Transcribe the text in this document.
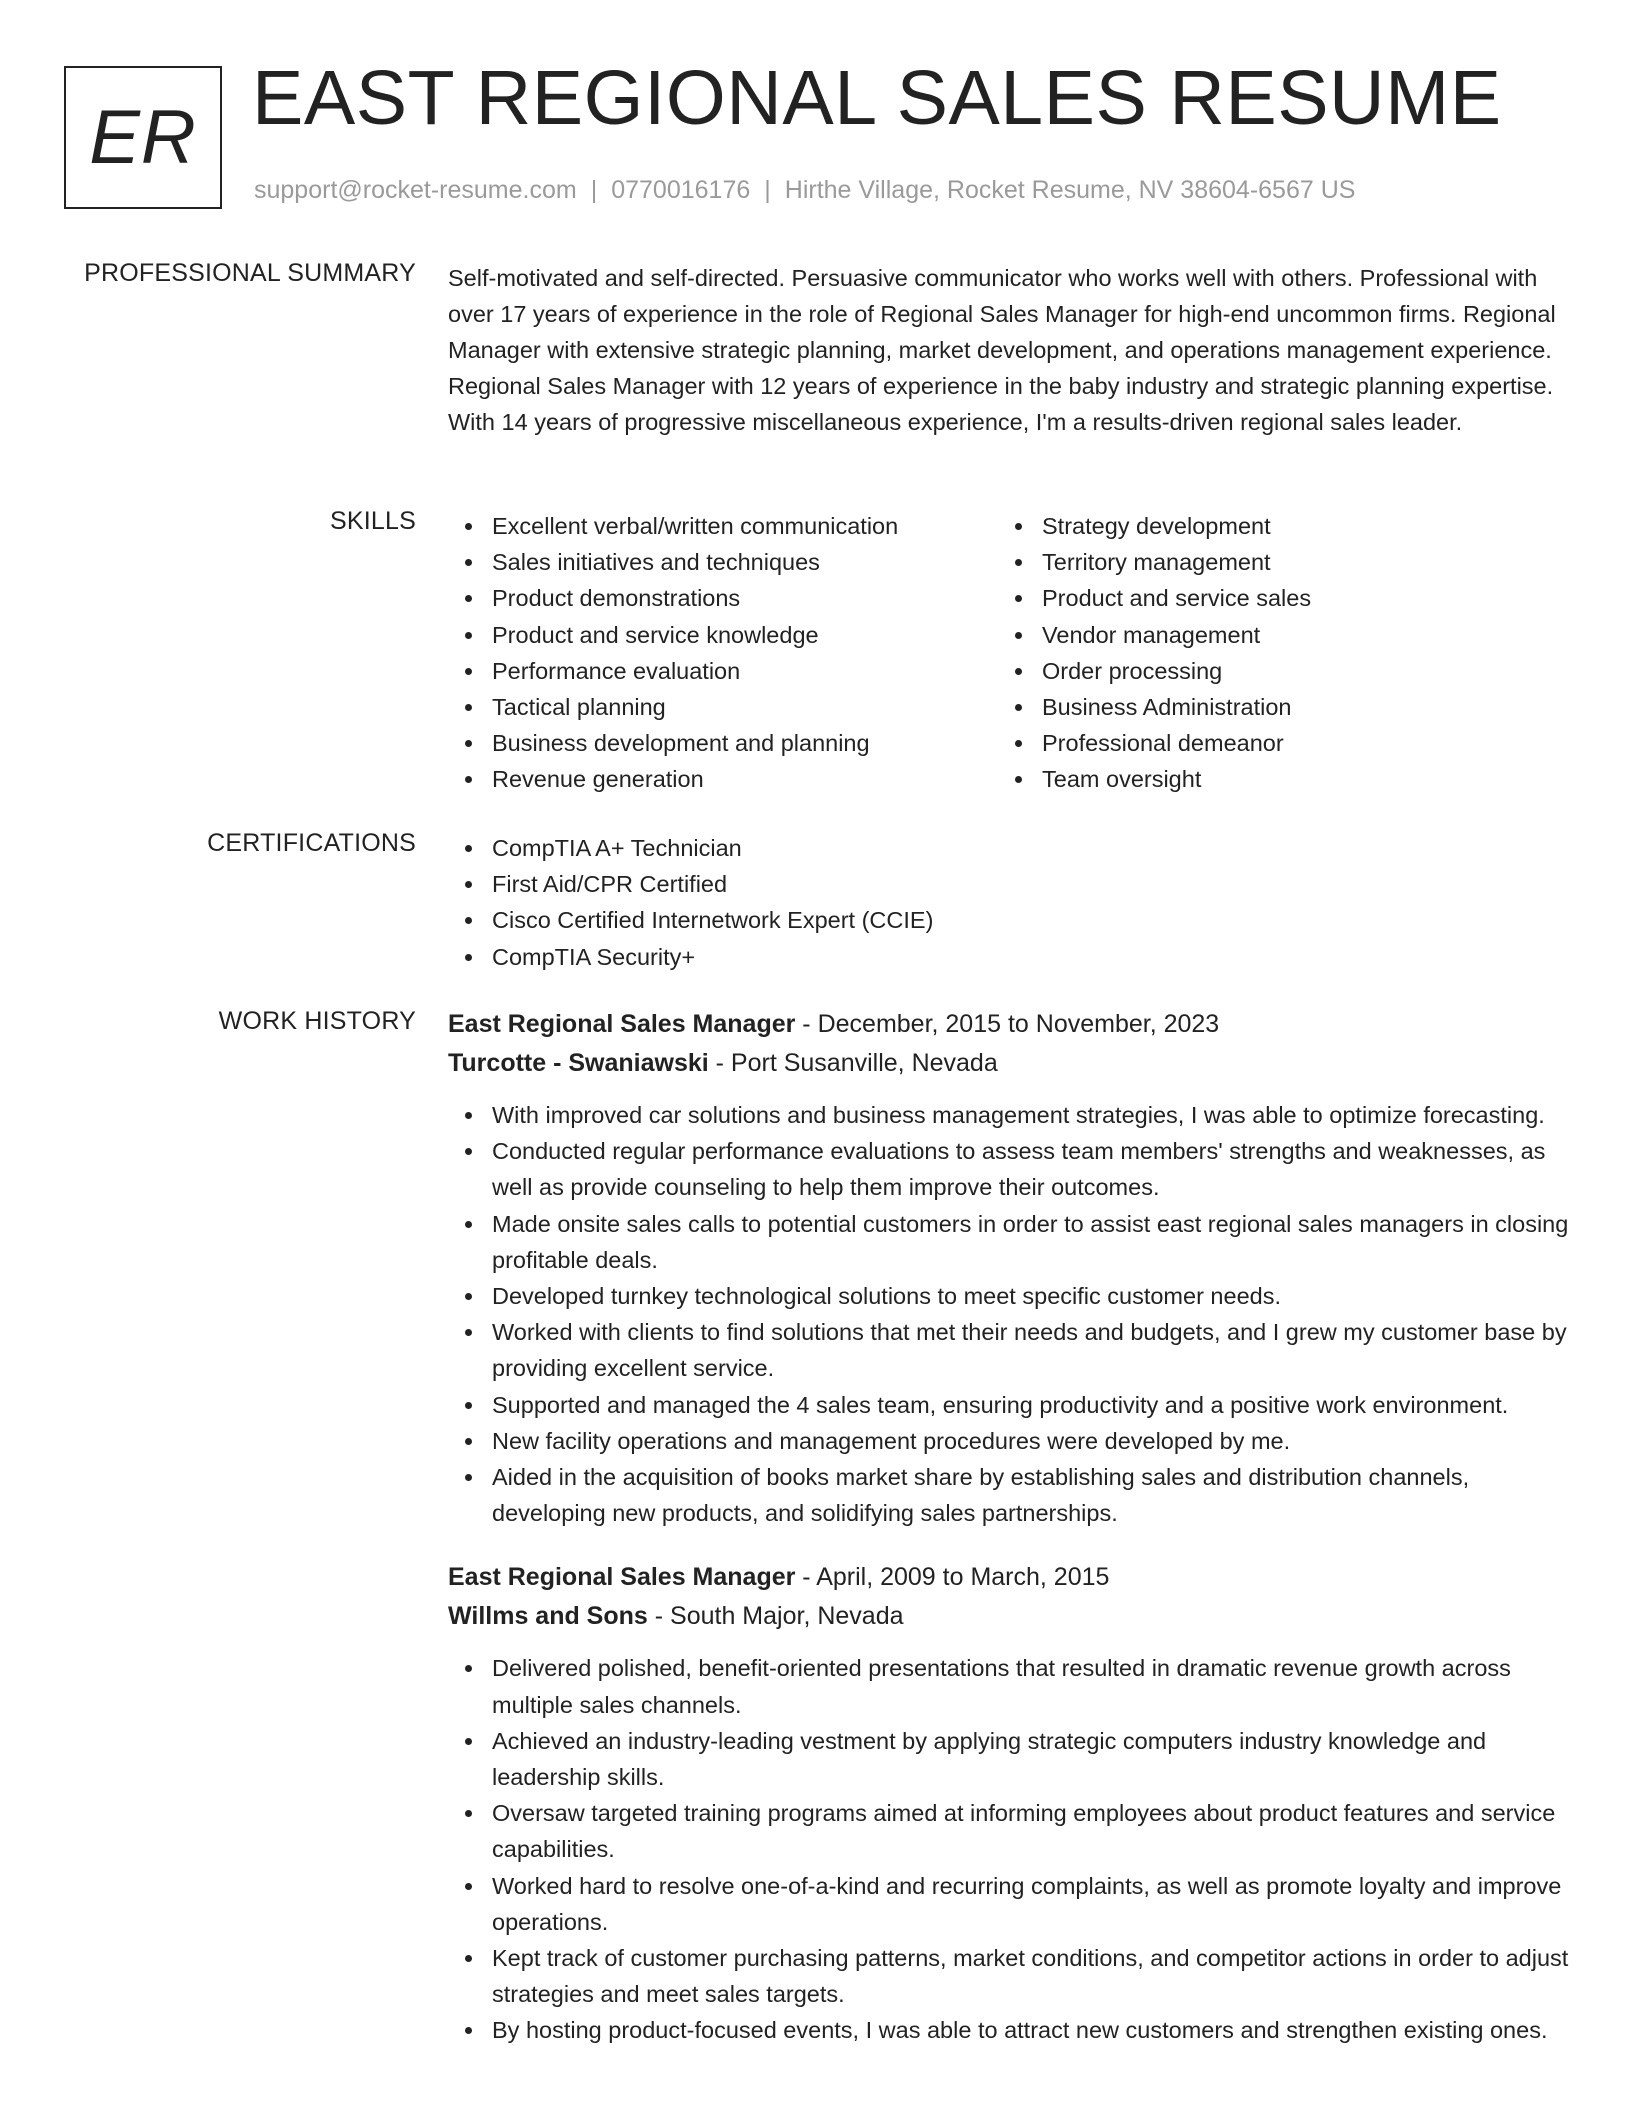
ER EAST REGIONAL SALES RESUME
support@rocket-resume.com | 0770016176 | Hirthe Village, Rocket Resume, NV 38604-6567 US
PROFESSIONAL SUMMARY Self-motivated and self-directed. Persuasive communicator who works well with others. Professional with over 17 years of experience in the role of Regional Sales Manager for high-end uncommon firms. Regional Manager with extensive strategic planning, market development, and operations management experience. Regional Sales Manager with 12 years of experience in the baby industry and strategic planning expertise. With 14 years of progressive miscellaneous experience, I'm a results-driven regional sales leader.
SKILLS	Excellent verbal/written communication
Sales initiatives and techniques
Product demonstrations
Product and service knowledge
Performance evaluation
Tactical planning
Business development and planning
Revenue generation
Strategy development
Territory management
Product and service sales
Vendor management
Order processing
Business Administration
Professional demeanor
Team oversight
CERTIFICATIONS	CompTIA A+ Technician
First Aid/CPR Certified
Cisco Certified Internetwork Expert (CCIE)
CompTIA Security+
WORK HISTORY East Regional Sales Manager - December, 2015 to November, 2023
Turcotte - Swaniawski - Port Susanville, Nevada
With improved car solutions and business management strategies, I was able to optimize forecasting.
Conducted regular performance evaluations to assess team members' strengths and weaknesses, as well as provide counseling to help them improve their outcomes.
Made onsite sales calls to potential customers in order to assist east regional sales managers in closing profitable deals.
Developed turnkey technological solutions to meet specific customer needs.
Worked with clients to find solutions that met their needs and budgets, and I grew my customer base by providing excellent service.
Supported and managed the 4 sales team, ensuring productivity and a positive work environment.
New facility operations and management procedures were developed by me.
Aided in the acquisition of books market share by establishing sales and distribution channels, developing new products, and solidifying sales partnerships.
East Regional Sales Manager - April, 2009 to March, 2015
Willms and Sons - South Major, Nevada
Delivered polished, benefit-oriented presentations that resulted in dramatic revenue growth across multiple sales channels.
Achieved an industry-leading vestment by applying strategic computers industry knowledge and leadership skills.
Oversaw targeted training programs aimed at informing employees about product features and service capabilities.
Worked hard to resolve one-of-a-kind and recurring complaints, as well as promote loyalty and improve operations.
Kept track of customer purchasing patterns, market conditions, and competitor actions in order to adjust strategies and meet sales targets.
By hosting product-focused events, I was able to attract new customers and strengthen existing ones.
